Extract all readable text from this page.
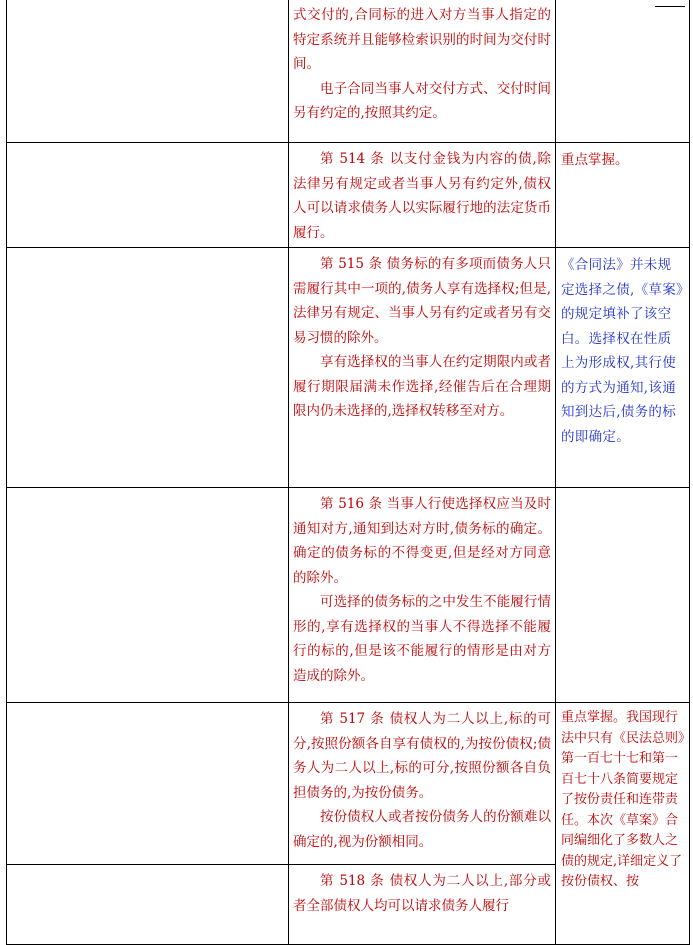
	式交付的,合同标的进入对方当事人指定的特定系统并且能够检索识别的时间为交付时间。

电子合同当事人对交付方式、交付时间另有约定的,按照其约定。	

	第 514 条 以支付金钱为内容的债,除法律另有规定或者当事人另有约定外,债权人可以请求债务人以实际履行地的法定货币履行。	重点掌握。

	第 515 条 债务标的有多项而债务人只需履行其中一项的,债务人享有选择权;但是,法律另有规定、当事人另有约定或者另有交易习惯的除外。

享有选择权的当事人在约定期限内或者履行期限届满未作选择,经催告后在合理期限内仍未选择的,选择权转移至对方。	《合同法》并未规定选择之债,《草案》的规定填补了该空白。选择权在性质上为形成权,其行使的方式为通知,该通知到达后,债务的标的即确定。

	第 516 条 当事人行使选择权应当及时通知对方,通知到达对方时,债务标的确定。确定的债务标的不得变更,但是经对方同意的除外。

可选择的债务标的之中发生不能履行情形的,享有选择权的当事人不得选择不能履行的标的,但是该不能履行的情形是由对方造成的除外。	

	第 517 条 债权人为二人以上,标的可分,按照份额各自享有债权的,为按份债权;债务人为二人以上,标的可分,按照份额各自负担债务的,为按份债务。

按份债权人或者按份债务人的份额难以确定的,视为份额相同。	重点掌握。我国现行法中只有《民法总则》第一百七十七和第一百七十八条简要规定了按份责任和连带责任。本次《草案》合同编细化了多数人之债的规定,详细定义了按份债权、按

	第 518 条 债权人为二人以上,部分或者全部债权人均可以请求债务人履行	
